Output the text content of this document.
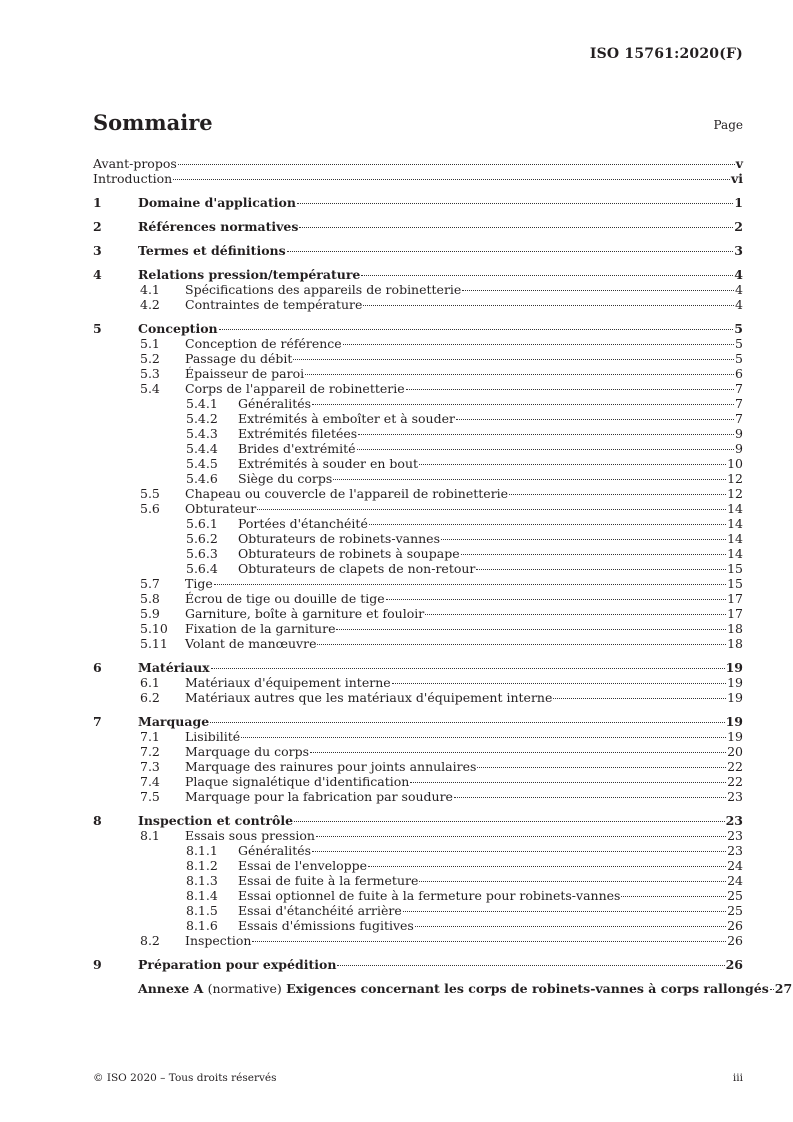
ISO 15761:2020(F)
Sommaire	Page
Avant-propos	v
Introduction	vi
1	Domaine d'application	1
2	Références normatives	2
3	Termes et définitions	3
4	Relations pression/température	4
4.1 Spécifications des appareils de robinetterie	4
4.2 Contraintes de température	4
5	Conception	5
5.1 Conception de référence	5
5.2 Passage du débit	5
5.3 Épaisseur de paroi	6
5.4 Corps de l'appareil de robinetterie	7
5.4.1 Généralités	7
5.4.2 Extrémités à emboîter et à souder	7
5.4.3 Extrémités filetées	9
5.4.4 Brides d'extrémité	9
5.4.5 Extrémités à souder en bout	10
5.4.6 Siège du corps	12
5.5 Chapeau ou couvercle de l'appareil de robinetterie	12
5.6 Obturateur	14
5.6.1 Portées d'étanchéité	14
5.6.2 Obturateurs de robinets-vannes	14
5.6.3 Obturateurs de robinets à soupape	14
5.6.4 Obturateurs de clapets de non-retour	15
5.7 Tige	15
5.8 Écrou de tige ou douille de tige	17
5.9 Garniture, boîte à garniture et fouloir	17
5.10 Fixation de la garniture	18
5.11 Volant de manœuvre	18
6	Matériaux	19
6.1 Matériaux d'équipement interne	19
6.2 Matériaux autres que les matériaux d'équipement interne	19
7	Marquage	19
7.1 Lisibilité	19
7.2 Marquage du corps	20
7.3 Marquage des rainures pour joints annulaires	22
7.4 Plaque signalétique d'identification	22
7.5 Marquage pour la fabrication par soudure	23
8	Inspection et contrôle	23
8.1 Essais sous pression	23
8.1.1 Généralités	23
8.1.2 Essai de l'enveloppe	24
8.1.3 Essai de fuite à la fermeture	24
8.1.4 Essai optionnel de fuite à la fermeture pour robinets-vannes	25
8.1.5 Essai d'étanchéité arrière	25
8.1.6 Essais d'émissions fugitives	26
8.2 Inspection	26
9	Préparation pour expédition	26
Annexe A (normative) Exigences concernant les corps de robinets-vannes à corps rallongés 27
© ISO 2020 – Tous droits réservés	iii
